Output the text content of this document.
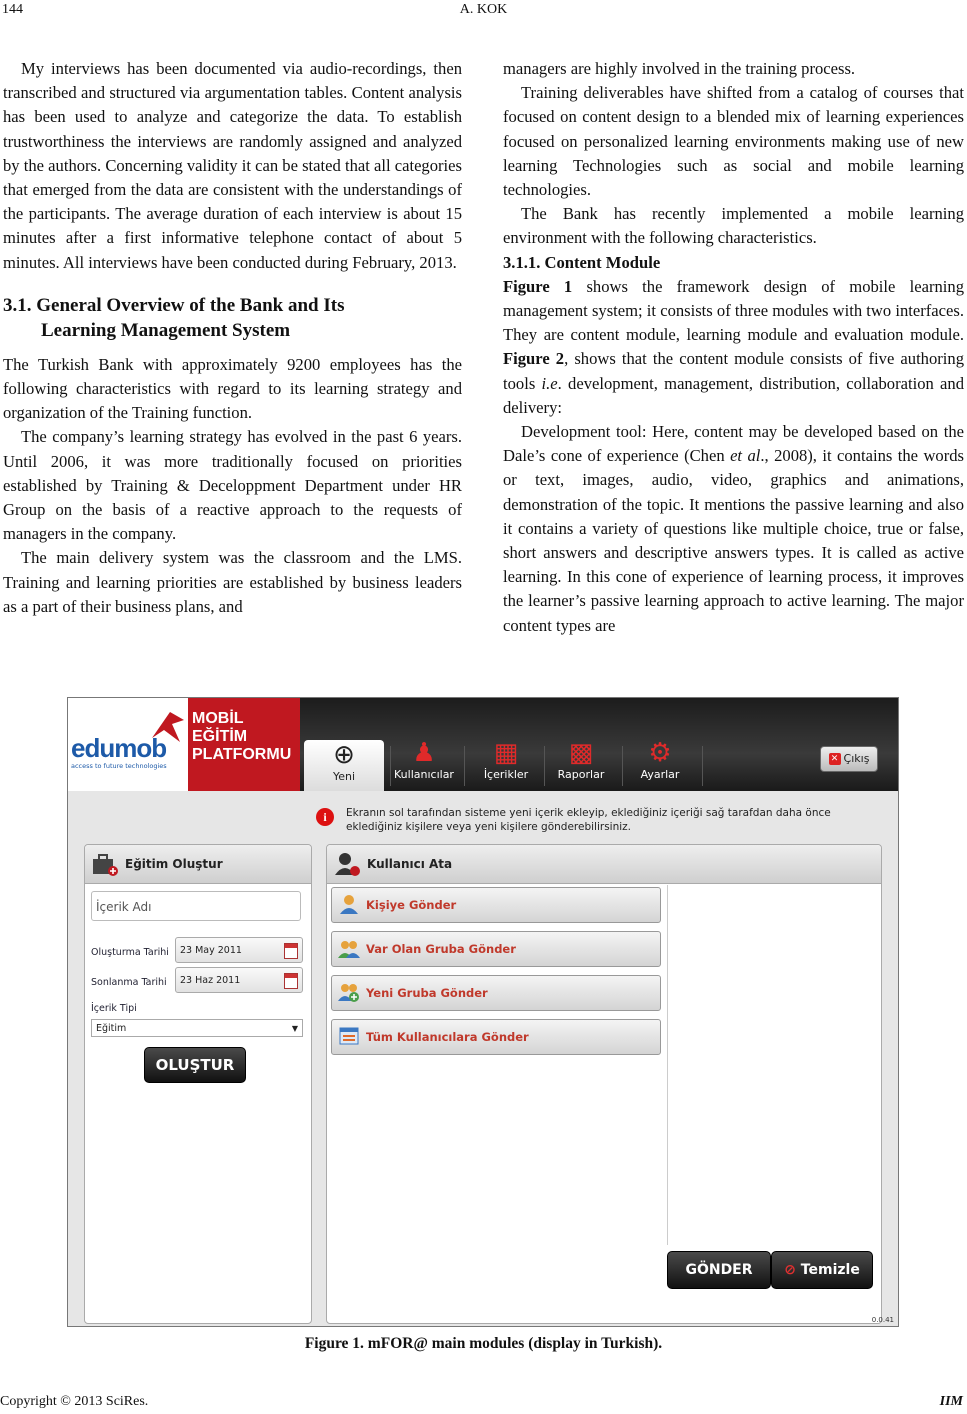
144	A. KOK

My interviews has been documented via audio-recordings, then transcribed and structured via argumentation tables. Content analysis has been used to analyze and categorize the data. To establish trustworthiness the interviews are randomly assigned and analyzed by the authors. Concerning validity it can be stated that all categories that emerged from the data are consistent with the understandings of the participants. The average duration of each interview is about 15 minutes after a first informative telephone contact of about 5 minutes. All interviews have been conducted during February, 2013.

3.1. General Overview of the Bank and Its
Learning Management System

The Turkish Bank with approximately 9200 employees has the following characteristics with regard to its learning strategy and organization of the Training function.

The company’s learning strategy has evolved in the past 6 years. Until 2006, it was more traditionally focused on priorities established by Training & Deceloppment Department under HR Group on the basis of a reactive approach to the requests of managers in the company.

The main delivery system was the classroom and the LMS. Training and learning priorities are established by business leaders as a part of their business plans, and

managers are highly involved in the training process.

Training deliverables have shifted from a catalog of courses that focused on content design to a blended mix of learning experiences focused on personalized learning environments making use of new learning Technologies such as social and mobile learning technologies.

The Bank has recently implemented a mobile learning environment with the following characteristics.

3.1.1. Content Module

Figure 1 shows the framework design of mobile learning management system; it consists of three modules with two interfaces. They are content module, learning module and evaluation module. Figure 2, shows that the content module consists of five authoring tools i.e. development, management, distribution, collaboration and delivery:

Development tool: Here, content may be developed based on the Dale’s cone of experience (Chen et al., 2008), it contains the words or text, images, audio, video, graphics and animations, demonstration of the topic. It mentions the passive learning and also it contains a variety of questions like multiple choice, true or false, short answers and descriptive answers types. It is called as active learning. In this cone of experience of learning process, it improves the learner’s passive learning approach to active learning. The major content types are

edumob
access to future technologies
MOBİL
EĞİTİM
PLATFORMU	⊕
Yeni
♟
Kullanıcılar
▦
İçerikler
▩
Raporlar
⚙
Ayarlar
✕ Çıkış
i	Ekranın sol tarafından sisteme yeni içerik ekleyip, eklediğiniz içeriği sağ tarafdan daha önce eklediğiniz kişilere veya yeni kişilere gönderebilirsiniz.
Eğitim Oluştur
İçerik Adı
Oluşturma Tarihi	23 May 2011
Sonlanma Tarihi	23 Haz 2011
İçerik Tipi
Eğitim	▼
OLUŞTUR
Kullanıcı Ata
Kişiye Gönder
Var Olan Gruba Gönder
Yeni Gruba Gönder
Tüm Kullanıcılara Gönder
GÖNDER	⊘ Temizle
0.0.41
Figure 1. mFOR@ main modules (display in Turkish).
Copyright © 2013 SciRes.	IIM
